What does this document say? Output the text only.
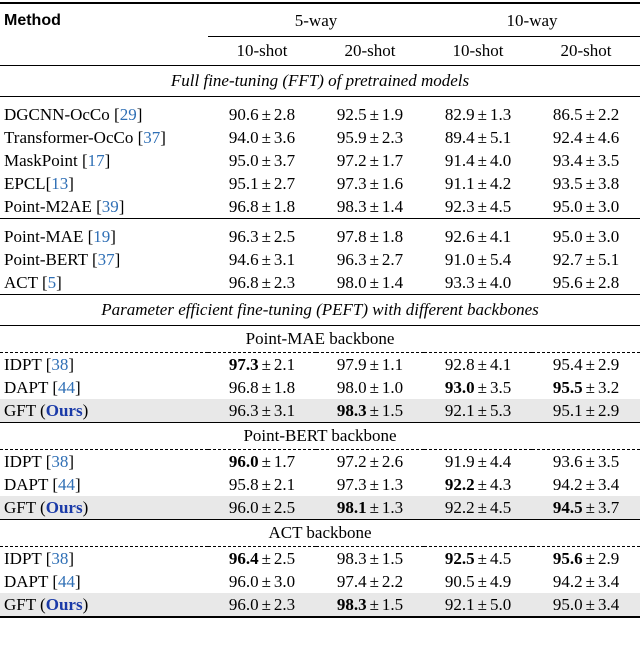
Method	5-way		10-way	
	10-shot	20-shot	10-shot	20-shot
Full fine-tuning (FFT) of pretrained models				
DGCNN-OcCo [29]	90.6 ± 2.8	92.5 ± 1.9	82.9 ± 1.3	86.5 ± 2.2
Transformer-OcCo [37]	94.0 ± 3.6	95.9 ± 2.3	89.4 ± 5.1	92.4 ± 4.6
MaskPoint [17]	95.0 ± 3.7	97.2 ± 1.7	91.4 ± 4.0	93.4 ± 3.5
EPCL[13]	95.1 ± 2.7	97.3 ± 1.6	91.1 ± 4.2	93.5 ± 3.8
Point-M2AE [39]	96.8 ± 1.8	98.3 ± 1.4	92.3 ± 4.5	95.0 ± 3.0
Point-MAE [19]	96.3 ± 2.5	97.8 ± 1.8	92.6 ± 4.1	95.0 ± 3.0
Point-BERT [37]	94.6 ± 3.1	96.3 ± 2.7	91.0 ± 5.4	92.7 ± 5.1
ACT [5]	96.8 ± 2.3	98.0 ± 1.4	93.3 ± 4.0	95.6 ± 2.8
Parameter efficient fine-tuning (PEFT) with different backbones				
Point-MAE backbone				
IDPT [38]	97.3 ± 2.1	97.9 ± 1.1	92.8 ± 4.1	95.4 ± 2.9
DAPT [44]	96.8 ± 1.8	98.0 ± 1.0	93.0 ± 3.5	95.5 ± 3.2
GFT (Ours)	96.3 ± 3.1	98.3 ± 1.5	92.1 ± 5.3	95.1 ± 2.9
Point-BERT backbone				
IDPT [38]	96.0 ± 1.7	97.2 ± 2.6	91.9 ± 4.4	93.6 ± 3.5
DAPT [44]	95.8 ± 2.1	97.3 ± 1.3	92.2 ± 4.3	94.2 ± 3.4
GFT (Ours)	96.0 ± 2.5	98.1 ± 1.3	92.2 ± 4.5	94.5 ± 3.7
ACT backbone				
IDPT [38]	96.4 ± 2.5	98.3 ± 1.5	92.5 ± 4.5	95.6 ± 2.9
DAPT [44]	96.0 ± 3.0	97.4 ± 2.2	90.5 ± 4.9	94.2 ± 3.4
GFT (Ours)	96.0 ± 2.3	98.3 ± 1.5	92.1 ± 5.0	95.0 ± 3.4
